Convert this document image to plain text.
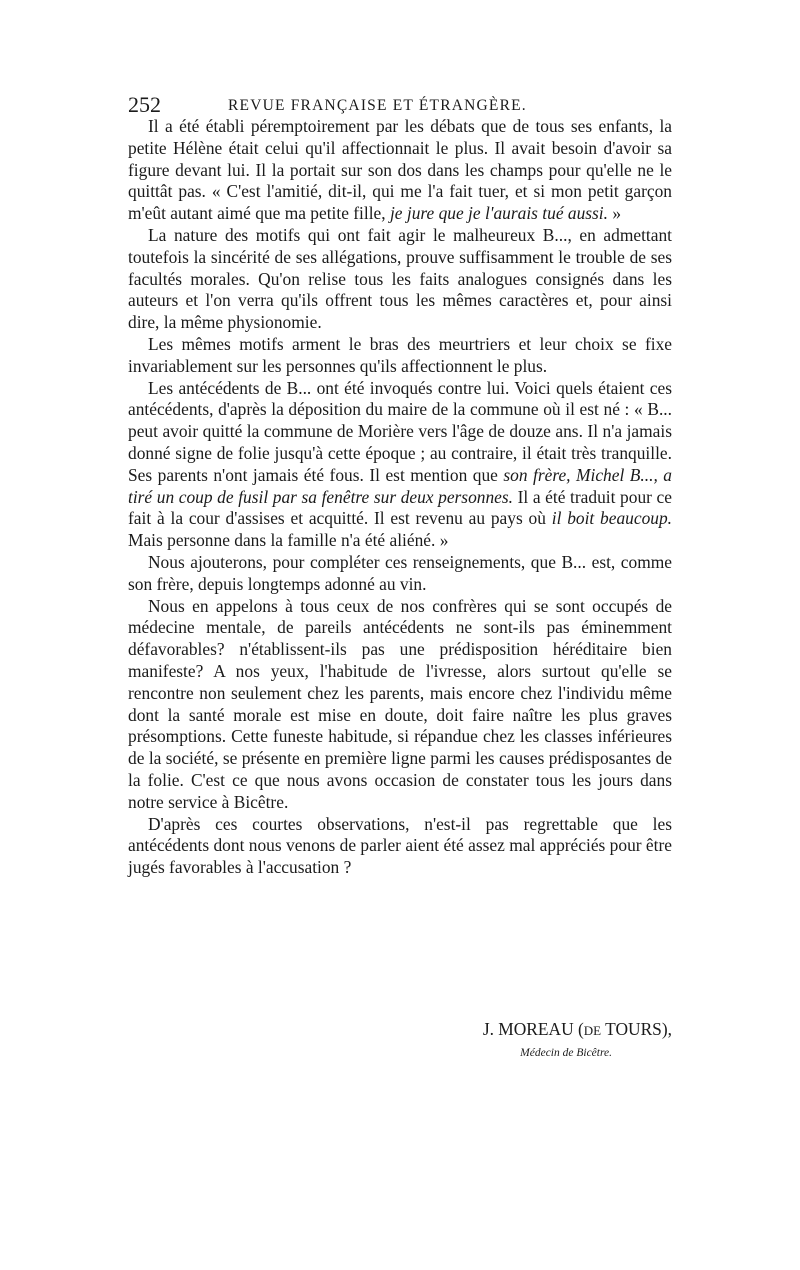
252	REVUE FRANÇAISE ET ÉTRANGÈRE.

Il a été établi péremptoirement par les débats que de tous ses enfants, la petite Hélène était celui qu'il affectionnait le plus. Il avait besoin d'avoir sa figure devant lui. Il la portait sur son dos dans les champs pour qu'elle ne le quittât pas. « C'est l'amitié, dit-il, qui me l'a fait tuer, et si mon petit garçon m'eût autant aimé que ma petite fille, je jure que je l'aurais tué aussi. »

La nature des motifs qui ont fait agir le malheureux B..., en admettant toutefois la sincérité de ses allégations, prouve suffisamment le trouble de ses facultés morales. Qu'on relise tous les faits analogues consignés dans les auteurs et l'on verra qu'ils offrent tous les mêmes caractères et, pour ainsi dire, la même physionomie.

Les mêmes motifs arment le bras des meurtriers et leur choix se fixe invariablement sur les personnes qu'ils affectionnent le plus.

Les antécédents de B... ont été invoqués contre lui. Voici quels étaient ces antécédents, d'après la déposition du maire de la commune où il est né : « B... peut avoir quitté la commune de Morière vers l'âge de douze ans. Il n'a jamais donné signe de folie jusqu'à cette époque ; au contraire, il était très tranquille. Ses parents n'ont jamais été fous. Il est mention que son frère, Michel B..., a tiré un coup de fusil par sa fenêtre sur deux personnes. Il a été traduit pour ce fait à la cour d'assises et acquitté. Il est revenu au pays où il boit beaucoup. Mais personne dans la famille n'a été aliéné. »

Nous ajouterons, pour compléter ces renseignements, que B... est, comme son frère, depuis longtemps adonné au vin.

Nous en appelons à tous ceux de nos confrères qui se sont occupés de médecine mentale, de pareils antécédents ne sont-ils pas éminemment défavorables? n'établissent-ils pas une prédisposition héréditaire bien manifeste? A nos yeux, l'habitude de l'ivresse, alors surtout qu'elle se rencontre non seulement chez les parents, mais encore chez l'individu même dont la santé morale est mise en doute, doit faire naître les plus graves présomptions. Cette funeste habitude, si répandue chez les classes inférieures de la société, se présente en première ligne parmi les causes prédisposantes de la folie. C'est ce que nous avons occasion de constater tous les jours dans notre service à Bicêtre.

D'après ces courtes observations, n'est-il pas regrettable que les antécédents dont nous venons de parler aient été assez mal appréciés pour être jugés favorables à l'accusation ?

J. MOREAU (DE TOURS),
Médecin de Bicêtre.
